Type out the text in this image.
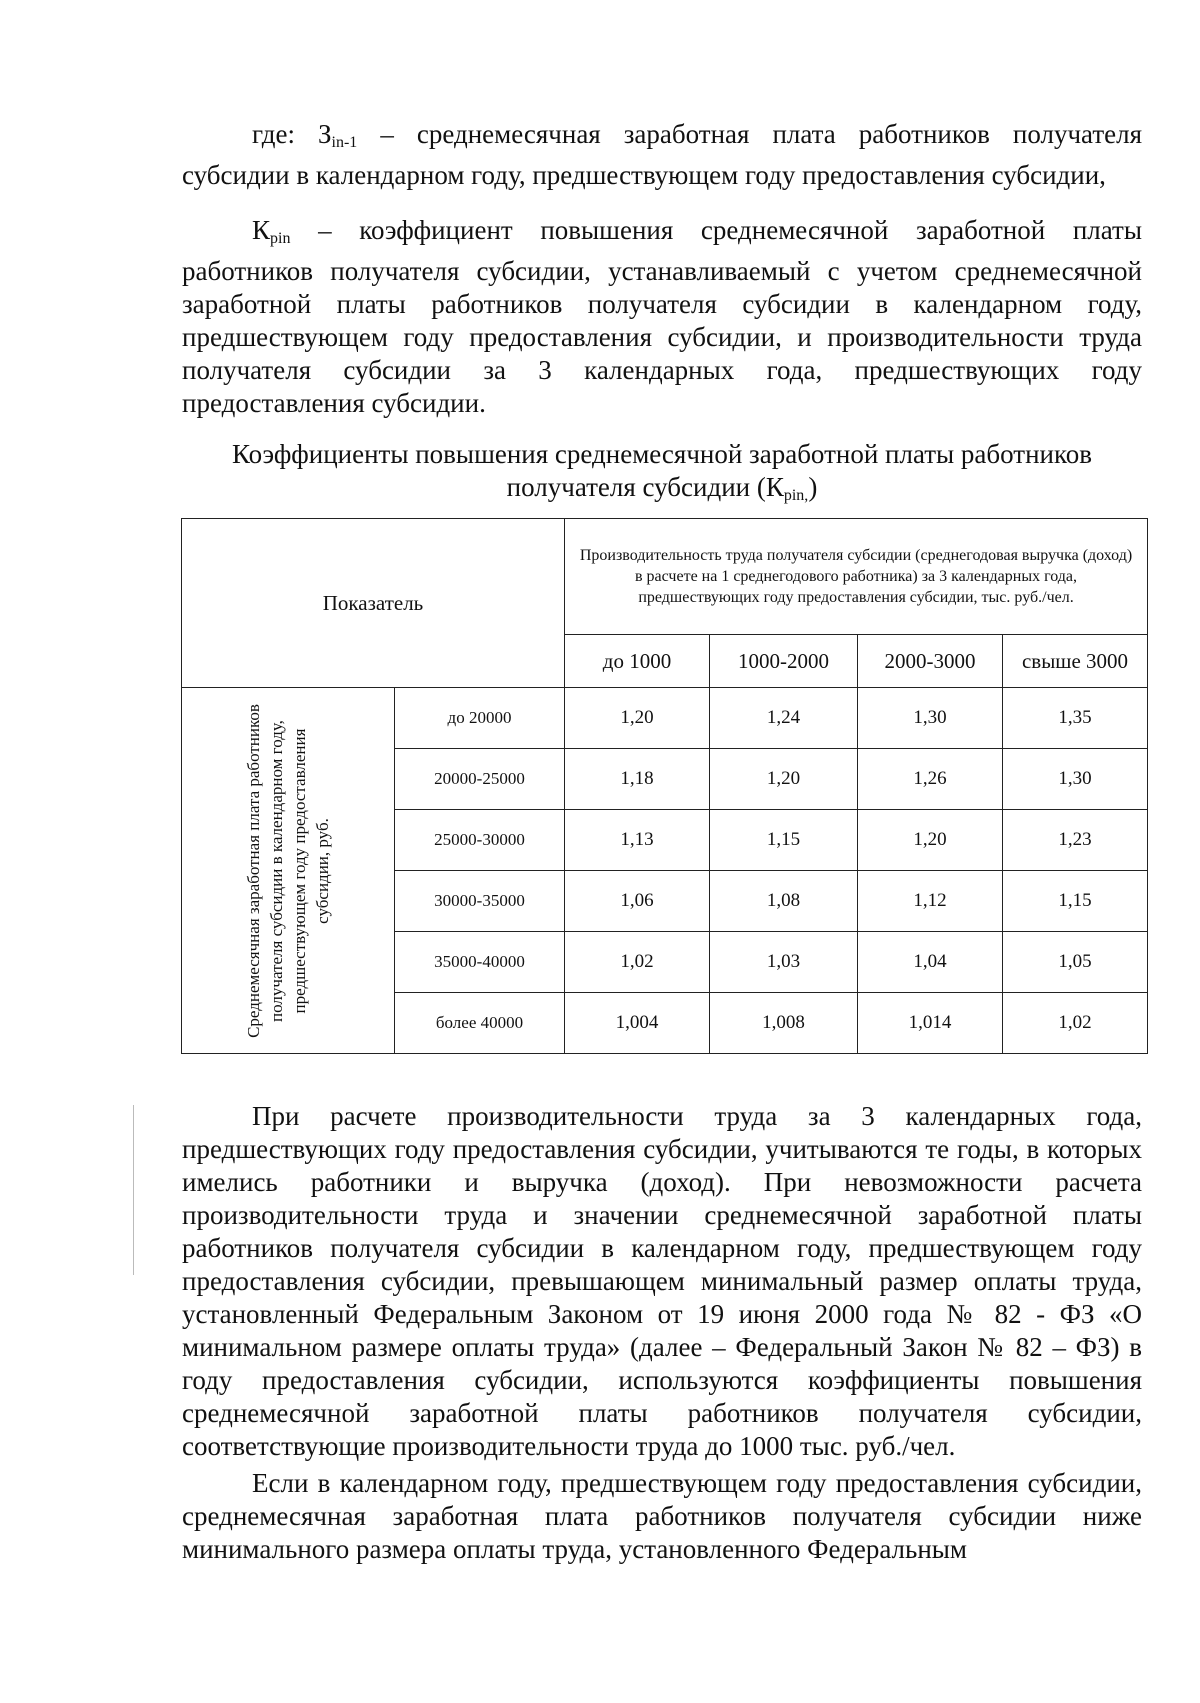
где: $З_{in-1}$ – среднемесячная заработная плата работников получателя субсидии в календарном году, предшествующем году предоставления субсидии,

$К_{pin}$ – коэффициент повышения среднемесячной заработной платы работников получателя субсидии, устанавливаемый с учетом среднемесячной заработной платы работников получателя субсидии в календарном году, предшествующем году предоставления субсидии, и производительности труда получателя субсидии за 3 календарных года, предшествующих году предоставления субсидии.

Коэффициенты повышения среднемесячной заработной платы работников
получателя субсидии $(К_{pin,})$

Показатель		Производительность труда получателя субсидии (среднегодовая выручка (доход) в расчете на 1 среднегодового работника) за 3 календарных года, предшествующих году предоставления субсидии, тыс. руб./чел.			
		до 1000	1000-2000	2000-3000	свыше 3000

Среднемесячная заработная плата работников получателя субсидии в календарном году, предшествующем году предоставления субсидии, руб.	до 20000	1,20	1,24	1,30	1,35
	20000-25000	1,18	1,20	1,26	1,30
	25000-30000	1,13	1,15	1,20	1,23
	30000-35000	1,06	1,08	1,12	1,15
	35000-40000	1,02	1,03	1,04	1,05
	более 40000	1,004	1,008	1,014	1,02

При расчете производительности труда за 3 календарных года, предшествующих году предоставления субсидии, учитываются те годы, в которых имелись работники и выручка (доход). При невозможности расчета производительности труда и значении среднемесячной заработной платы работников получателя субсидии в календарном году, предшествующем году предоставления субсидии, превышающем минимальный размер оплаты труда, установленный Федеральным Законом от 19 июня 2000 года № 82 - ФЗ «О минимальном размере оплаты труда» (далее – Федеральный Закон № 82 – ФЗ) в году предоставления субсидии, используются коэффициенты повышения среднемесячной заработной платы работников получателя субсидии, соответствующие производительности труда до 1000 тыс. руб./чел.

Если в календарном году, предшествующем году предоставления субсидии, среднемесячная заработная плата работников получателя субсидии ниже минимального размера оплаты труда, установленного Федеральным
